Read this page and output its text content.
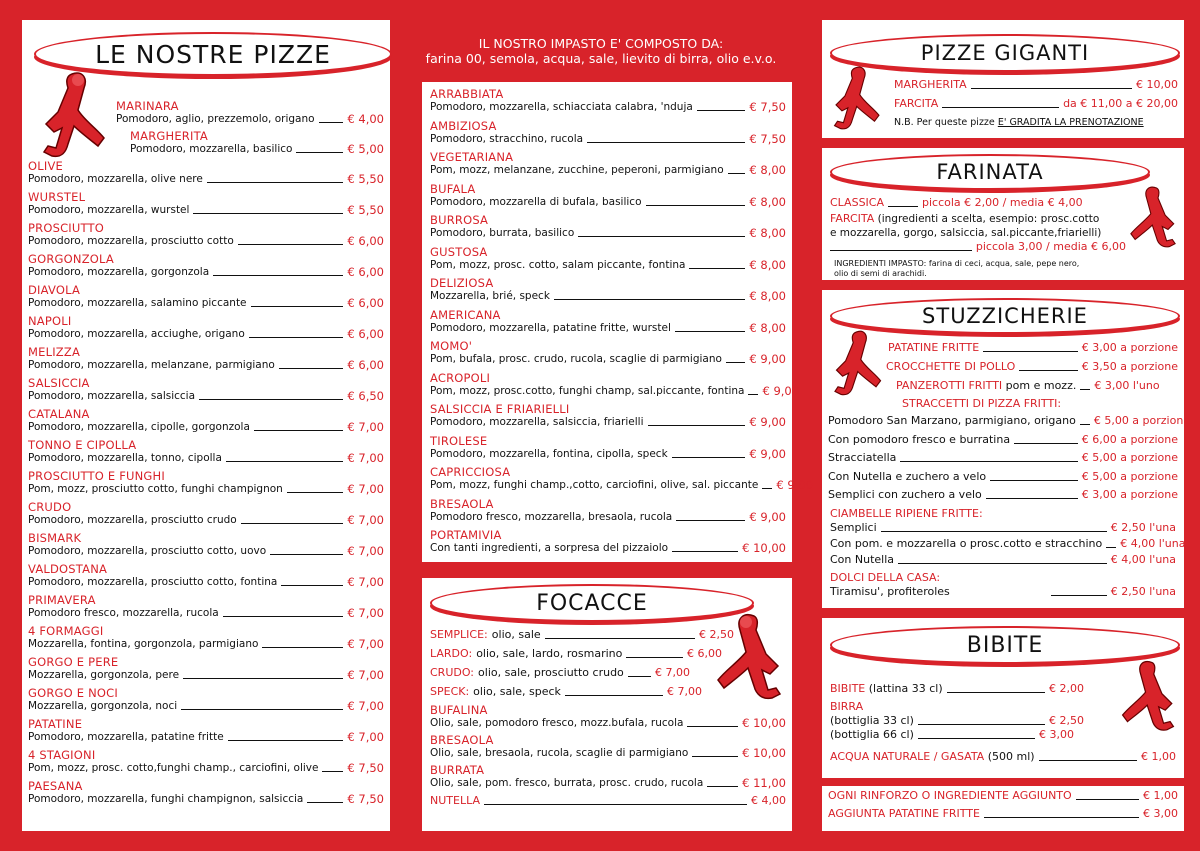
LE NOSTRE PIZZE
MARINARA
Pomodoro, aglio, prezzemolo, origano	€ 4,00
MARGHERITA
Pomodoro, mozzarella, basilico	€ 5,00
OLIVE
Pomodoro, mozzarella, olive nere	€ 5,50
WURSTEL
Pomodoro, mozzarella, wurstel	€ 5,50
PROSCIUTTO
Pomodoro, mozzarella, prosciutto cotto	€ 6,00
GORGONZOLA
Pomodoro, mozzarella, gorgonzola	€ 6,00
DIAVOLA
Pomodoro, mozzarella, salamino piccante	€ 6,00
NAPOLI
Pomodoro, mozzarella, acciughe, origano	€ 6,00
MELIZZA
Pomodoro, mozzarella, melanzane, parmigiano	€ 6,00
SALSICCIA
Pomodoro, mozzarella, salsiccia	€ 6,50
CATALANA
Pomodoro, mozzarella, cipolle, gorgonzola	€ 7,00
TONNO E CIPOLLA
Pomodoro, mozzarella, tonno, cipolla	€ 7,00
PROSCIUTTO E FUNGHI
Pom, mozz, prosciutto cotto, funghi champignon	€ 7,00
CRUDO
Pomodoro, mozzarella, prosciutto crudo	€ 7,00
BISMARK
Pomodoro, mozzarella, prosciutto cotto, uovo	€ 7,00
VALDOSTANA
Pomodoro, mozzarella, prosciutto cotto, fontina	€ 7,00
PRIMAVERA
Pomodoro fresco, mozzarella, rucola	€ 7,00
4 FORMAGGI
Mozzarella, fontina, gorgonzola, parmigiano	€ 7,00
GORGO E PERE
Mozzarella, gorgonzola, pere	€ 7,00
GORGO E NOCI
Mozzarella, gorgonzola, noci	€ 7,00
PATATINE
Pomodoro, mozzarella, patatine fritte	€ 7,00
4 STAGIONI
Pom, mozz, prosc. cotto,funghi champ., carciofini, olive	€ 7,50
PAESANA
Pomodoro, mozzarella, funghi champignon, salsiccia	€ 7,50
IL NOSTRO IMPASTO E' COMPOSTO DA:
farina 00, semola, acqua, sale, lievito di birra, olio e.v.o.
ARRABBIATA
Pomodoro, mozzarella, schiacciata calabra, 'nduja	€ 7,50
AMBIZIOSA
Pomodoro, stracchino, rucola	€ 7,50
VEGETARIANA
Pom, mozz, melanzane, zucchine, peperoni, parmigiano € 8,00
BUFALA
Pomodoro, mozzarella di bufala, basilico	€ 8,00
BURROSA
Pomodoro, burrata, basilico	€ 8,00
GUSTOSA
Pom, mozz, prosc. cotto, salam piccante, fontina	€ 8,00
DELIZIOSA
Mozzarella, brié, speck	€ 8,00
AMERICANA
Pomodoro, mozzarella, patatine fritte, wurstel	€ 8,00
MOMO'
Pom, bufala, prosc. crudo, rucola, scaglie di parmigiano € 9,00
ACROPOLI
Pom, mozz, prosc.cotto, funghi champ, sal.piccante, fontina € 9,00
SALSICCIA E FRIARIELLI
Pomodoro, mozzarella, salsiccia, friarielli	€ 9,00
TIROLESE
Pomodoro, mozzarella, fontina, cipolla, speck	€ 9,00
CAPRICCIOSA
Pom, mozz, funghi champ.,cotto, carciofini, olive, sal. piccante € 9,00
BRESAOLA
Pomodoro fresco, mozzarella, bresaola, rucola	€ 9,00
PORTAMIVIA
Con tanti ingredienti, a sorpresa del pizzaiolo	€ 10,00
FOCACCE
SEMPLICE: olio, sale	€ 2,50
LARDO: olio, sale, lardo, rosmarino	€ 6,00
CRUDO: olio, sale, prosciutto crudo	€ 7,00
SPECK: olio, sale, speck	€ 7,00
BUFALINA
Olio, sale, pomodoro fresco, mozz.bufala, rucola	€ 10,00
BRESAOLA
Olio, sale, bresaola, rucola, scaglie di parmigiano	€ 10,00
BURRATA
Olio, sale, pom. fresco, burrata, prosc. crudo, rucola	€ 11,00
NUTELLA	€ 4,00
PIZZE GIGANTI
MARGHERITA	€ 10,00
FARCITA	da € 11,00 a € 20,00
N.B. Per queste pizze E' GRADITA LA PRENOTAZIONE
FARINATA
CLASSICA	piccola € 2,00 / media € 4,00
FARCITA (ingredienti a scelta, esempio: prosc.cotto
e mozzarella, gorgo, salsiccia, sal.piccante,friarielli)
piccola 3,00 / media € 6,00
INGREDIENTI IMPASTO: farina di ceci, acqua, sale, pepe nero,
olio di semi di arachidi.
STUZZICHERIE
PATATINE FRITTE	€ 3,00 a porzione
CROCCHETTE DI POLLO	€ 3,50 a porzione
PANZEROTTI FRITTI
pom e mozz. € 3,00 l'uno
STRACCETTI DI PIZZA FRITTI:
Pomodoro San Marzano, parmigiano, origano € 5,00 a porzione
Con pomodoro fresco e burratina	€ 6,00 a porzione
Stracciatella	€ 5,00 a porzione
Con Nutella e zuchero a velo	€ 5,00 a porzione
Semplici con zuchero a velo	€ 3,00 a porzione
CIAMBELLE RIPIENE FRITTE:
Semplici	€ 2,50 l'una
Con pom. e mozzarella o prosc.cotto e stracchino € 4,00 l'una
Con Nutella	€ 4,00 l'una
DOLCI DELLA CASA:
Tiramisu', profiteroles	€ 2,50 l'una
BIBITE
BIBITE
(lattina 33 cl)	€ 2,00
BIRRA
(bottiglia 33 cl)	€ 2,50
(bottiglia 66 cl)	€ 3,00
ACQUA NATURALE / GASATA
(500 ml)	€ 1,00
OGNI RINFORZO O INGREDIENTE AGGIUNTO	€ 1,00
AGGIUNTA PATATINE FRITTE	€ 3,00
